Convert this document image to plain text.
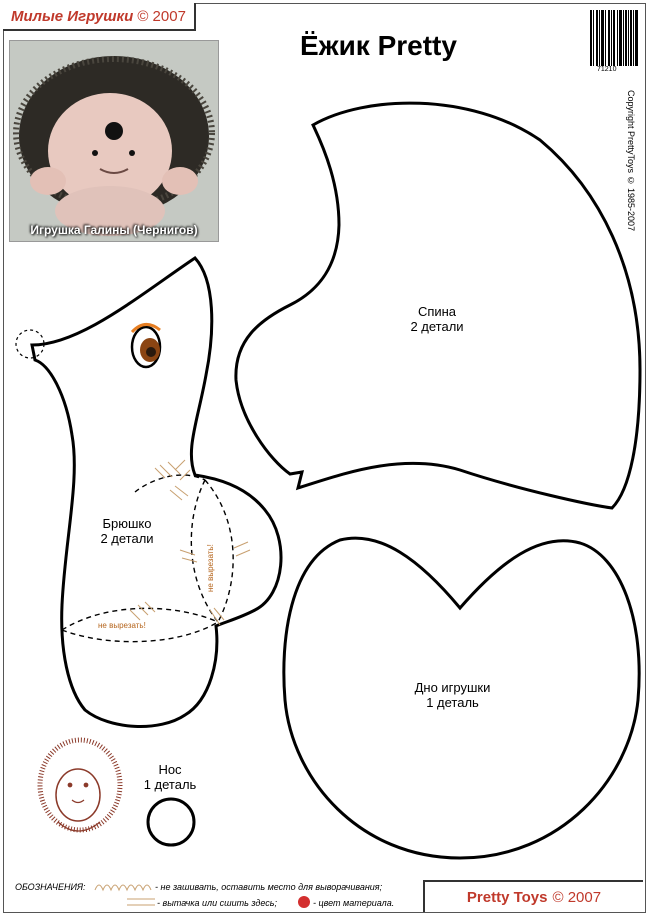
Милые Игрушки © 2007
Игрушка Галины (Чернигов)
Ёжик Pretty
71210
Copyright PrettyToys © 1985-2007
не вырезать!
не вырезать!
Спина
2 детали
Брюшко
2 детали
Дно игрушки
1 деталь
Нос
1 деталь
ОБОЗНАЧЕНИЯ:	- не зашивать, оставить место для выворачивания;
- вытачка или сшить здесь;	- цвет материала.	Pretty Toys © 2007
